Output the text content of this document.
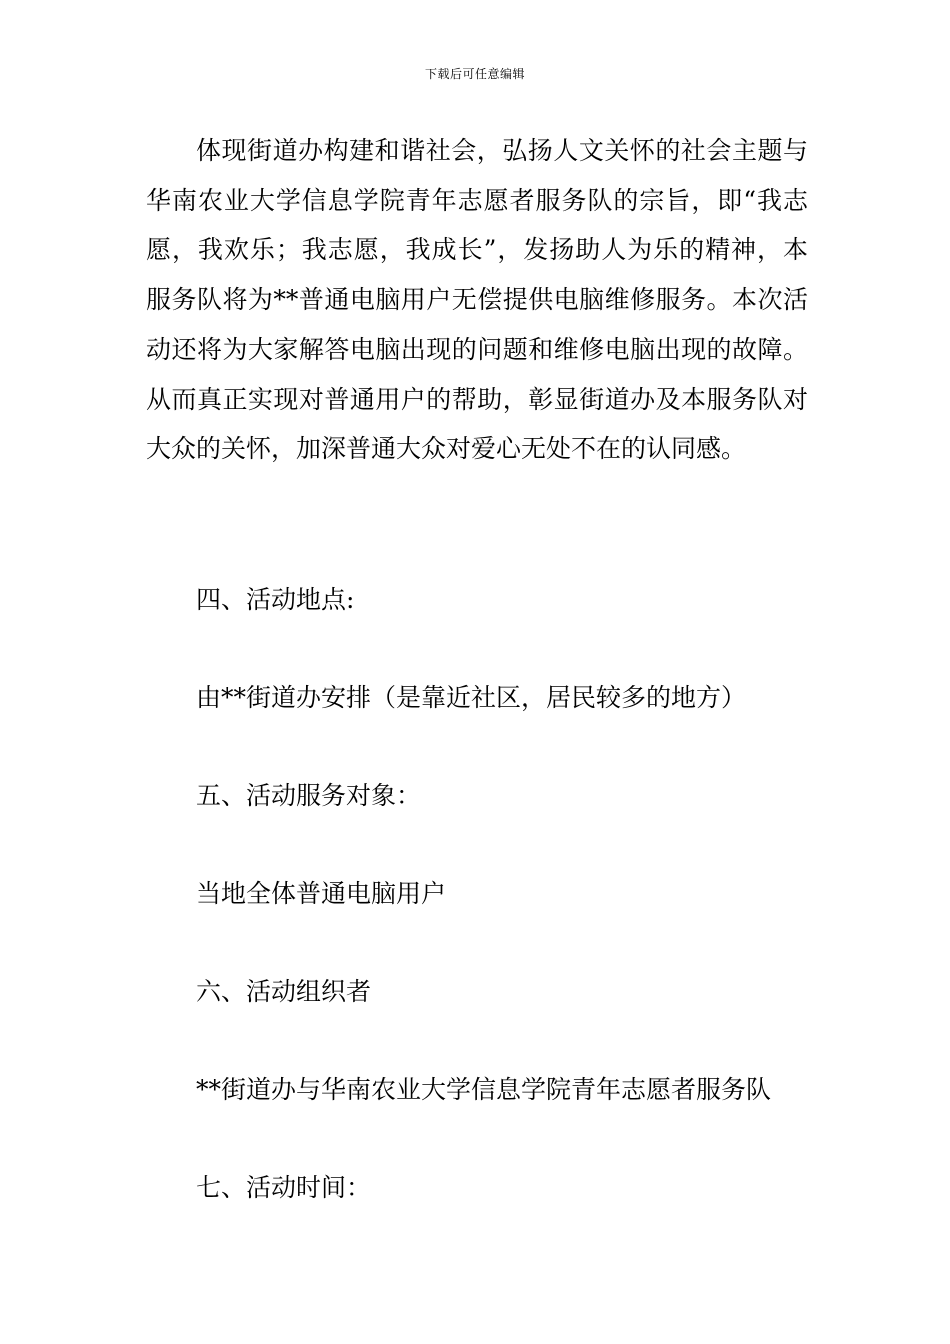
下载后可任意编辑

体现街道办构建和谐社会，弘扬人文关怀的社会主题与华南农业大学信息学院青年志愿者服务队的宗旨，即“我志愿，我欢乐；我志愿，我成长”，发扬助人为乐的精神，本服务队将为**普通电脑用户无偿提供电脑维修服务。本次活动还将为大家解答电脑出现的问题和维修电脑出现的故障。从而真正实现对普通用户的帮助，彰显街道办及本服务队对大众的关怀，加深普通大众对爱心无处不在的认同感。

四、活动地点:

由**街道办安排（是靠近社区，居民较多的地方）

五、活动服务对象：

当地全体普通电脑用户

六、活动组织者

**街道办与华南农业大学信息学院青年志愿者服务队

七、活动时间：
